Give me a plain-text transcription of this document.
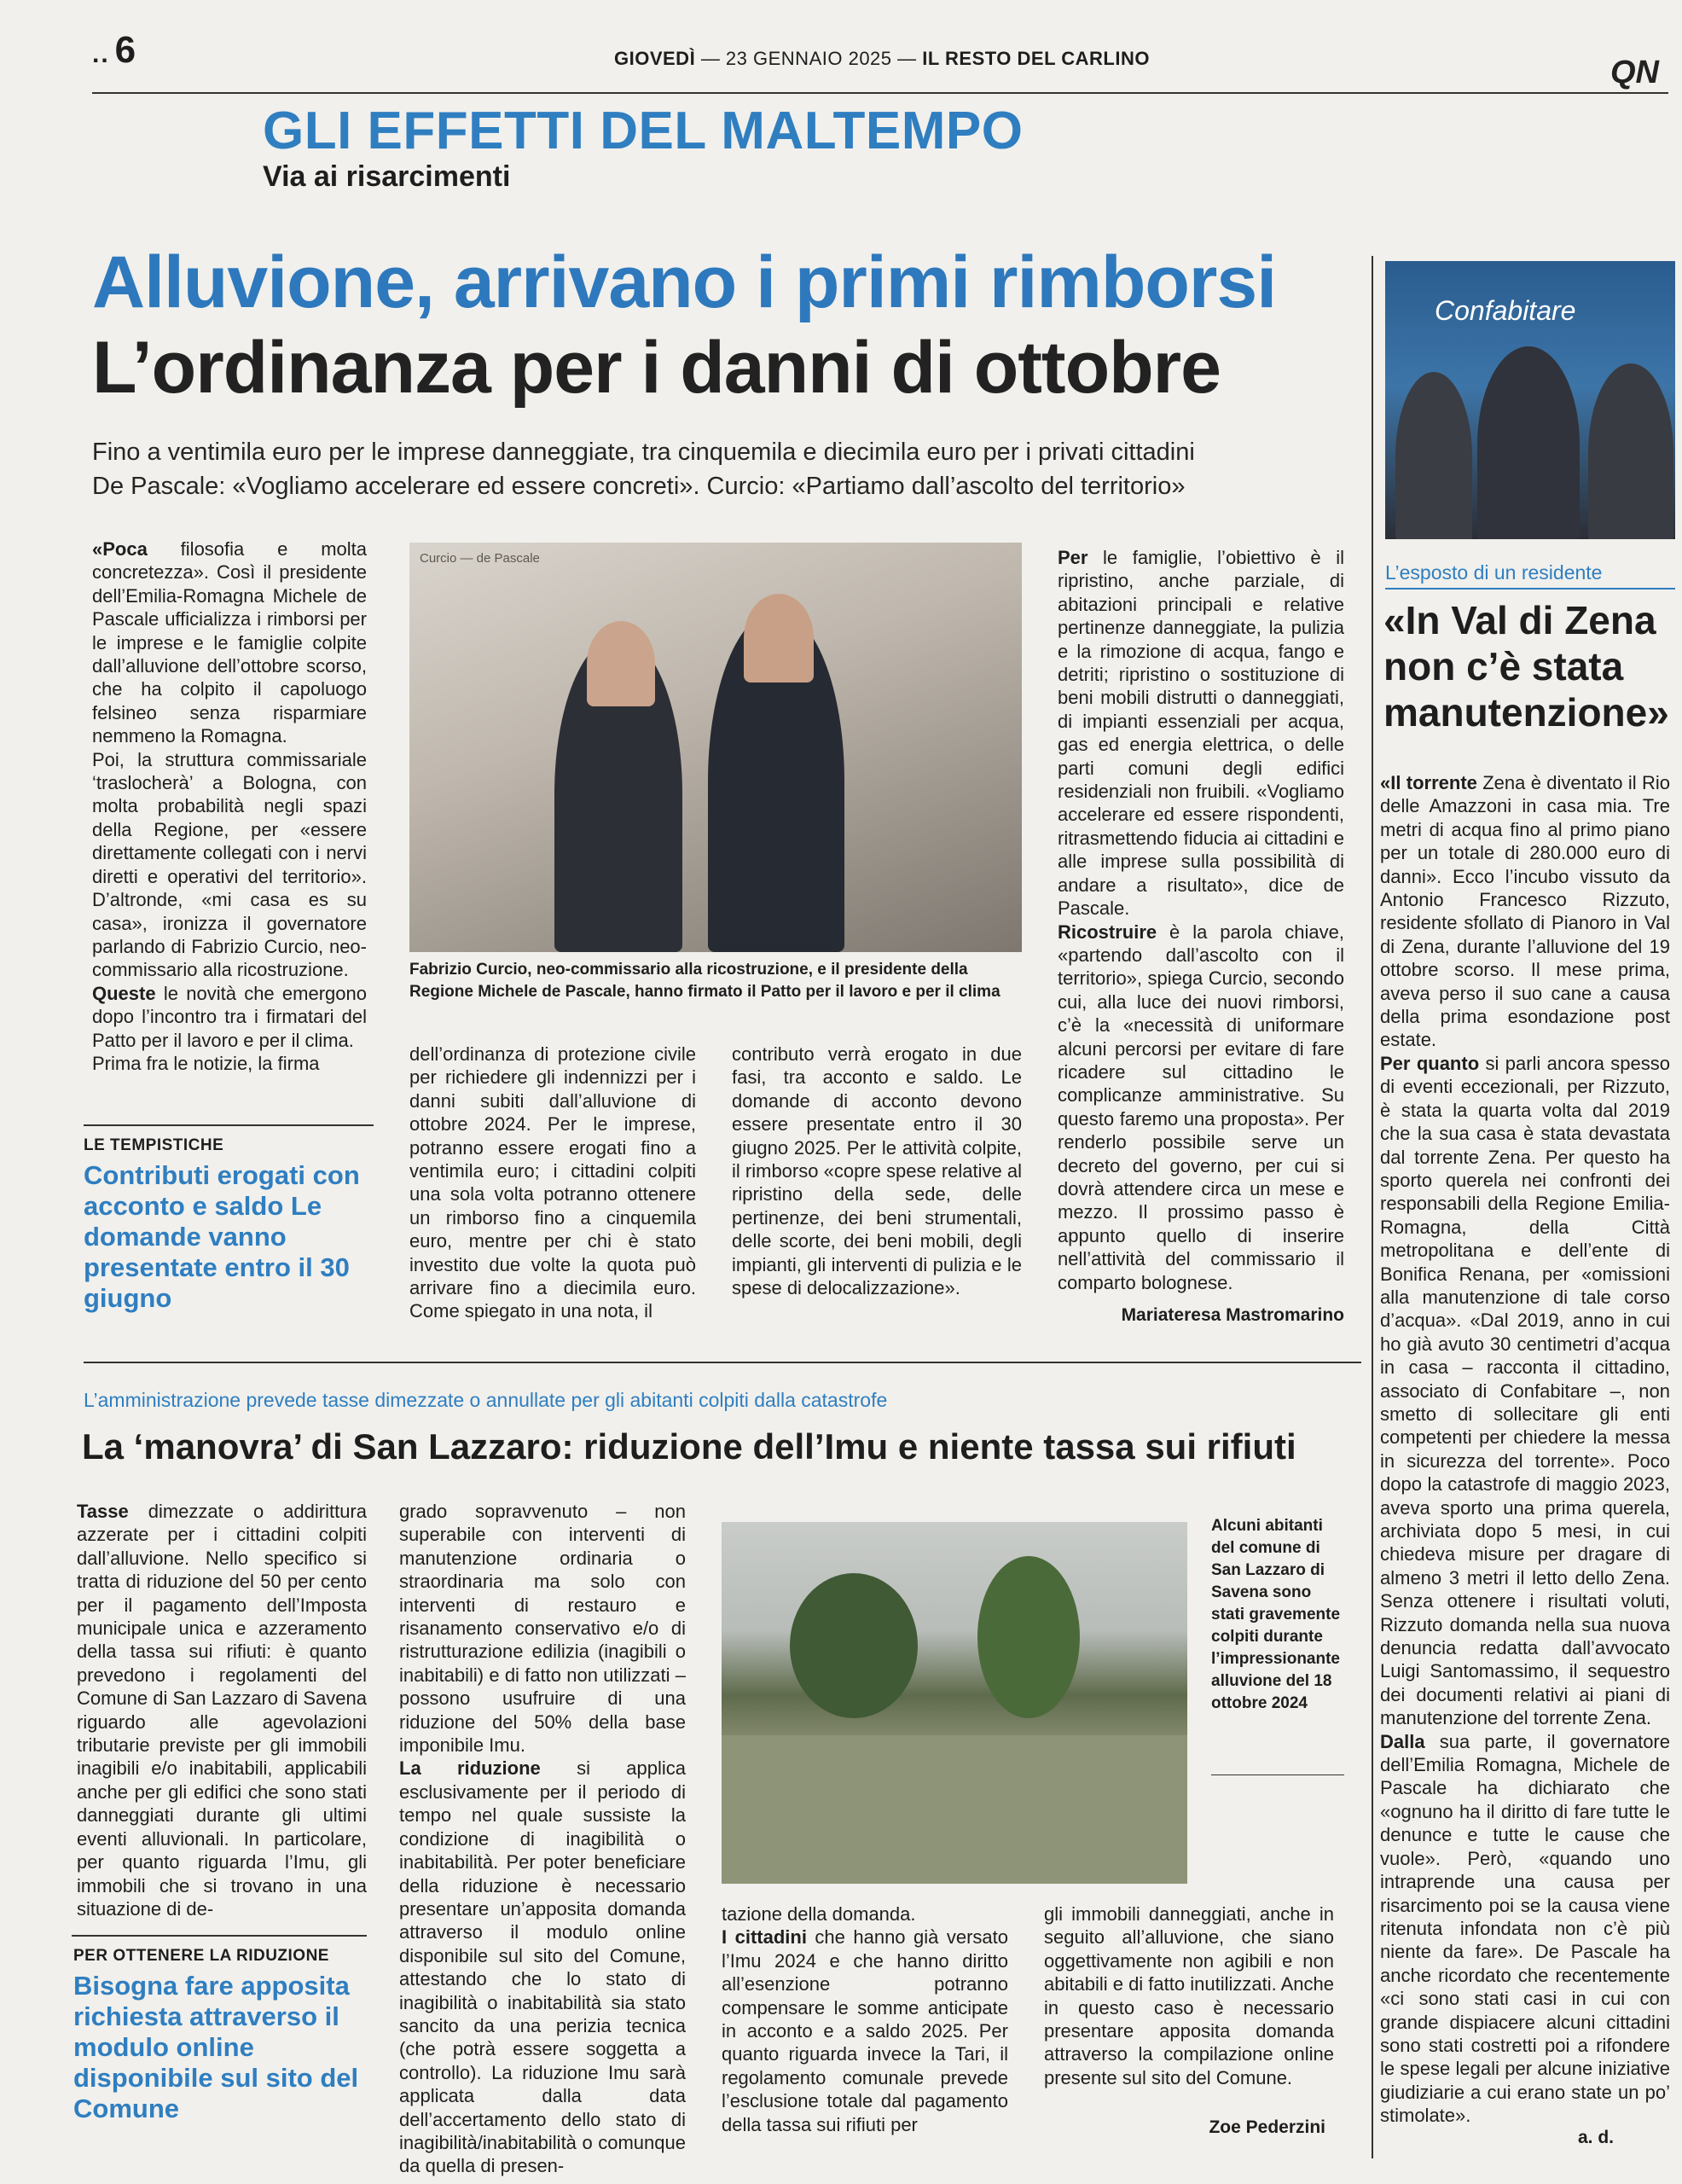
.. 6	GIOVEDÌ — 23 GENNAIO 2025 — IL RESTO DEL CARLINO	QN
GLI EFFETTI DEL MALTEMPO
Via ai risarcimenti
Alluvione, arrivano i primi rimborsi
L’ordinanza per i danni di ottobre
Fino a ventimila euro per le imprese danneggiate, tra cinquemila e diecimila euro per i privati cittadini
De Pascale: «Vogliamo accelerare ed essere concreti». Curcio: «Partiamo dall’ascolto del territorio»

«Poca filosofia e molta concretezza». Così il presidente dell’Emilia-Romagna Michele de Pascale ufficializza i rimborsi per le imprese e le famiglie colpite dall’alluvione dell’ottobre scorso, che ha colpito il capoluogo felsineo senza risparmiare nemmeno la Romagna.

Poi, la struttura commissariale ‘traslocherà’ a Bologna, con molta probabilità negli spazi della Regione, per «essere direttamente collegati con i nervi diretti e operativi del territorio». D’altronde, «mi casa es su casa», ironizza il governatore parlando di Fabrizio Curcio, neo-commissario alla ricostruzione.

Queste le novità che emergono dopo l’incontro tra i firmatari del Patto per il lavoro e per il clima.

Prima fra le notizie, la firma

LE TEMPISTICHE
Contributi erogati con acconto e saldo Le domande vanno presentate entro il 30 giugno
Curcio — de Pascale
Fabrizio Curcio, neo-commissario alla ricostruzione, e il presidente della Regione Michele de Pascale, hanno firmato il Patto per il lavoro e per il clima
dell’ordinanza di protezione civile per richiedere gli indennizzi per i danni subiti dall’alluvione di ottobre 2024. Per le imprese, potranno essere erogati fino a ventimila euro; i cittadini colpiti una sola volta potranno ottenere un rimborso fino a cinquemila euro, mentre per chi è stato investito due volte la quota può arrivare fino a diecimila euro. Come spiegato in una nota, il
contributo verrà erogato in due fasi, tra acconto e saldo. Le domande di acconto devono essere presentate entro il 30 giugno 2025. Per le attività colpite, il rimborso «copre spese relative al ripristino della sede, delle pertinenze, dei beni strumentali, delle scorte, dei beni mobili, degli impianti, gli interventi di pulizia e le spese di delocalizzazione».

Per le famiglie, l’obiettivo è il ripristino, anche parziale, di abitazioni principali e relative pertinenze danneggiate, la pulizia e la rimozione di acqua, fango e detriti; ripristino o sostituzione di beni mobili distrutti o danneggiati, di impianti essenziali per acqua, gas ed energia elettrica, o delle parti comuni degli edifici residenziali non fruibili. «Vogliamo accelerare ed essere rispondenti, ritrasmettendo fiducia ai cittadini e alle imprese sulla possibilità di andare a risultato», dice de Pascale.

Ricostruire è la parola chiave, «partendo dall’ascolto con il territorio», spiega Curcio, secondo cui, alla luce dei nuovi rimborsi, c’è la «necessità di uniformare alcuni percorsi per evitare di fare ricadere sul cittadino le complicanze amministrative. Su questo faremo una proposta». Per renderlo possibile serve un decreto del governo, per cui si dovrà attendere circa un mese e mezzo. Il prossimo passo è appunto quello di inserire nell’attività del commissario il comparto bolognese.

Mariateresa Mastromarino
Confabitare
L’esposto di un residente
«In Val di Zena non c’è stata manutenzione»

«Il torrente Zena è diventato il Rio delle Amazzoni in casa mia. Tre metri di acqua fino al primo piano per un totale di 280.000 euro di danni». Ecco l’incubo vissuto da Antonio Francesco Rizzuto, residente sfollato di Pianoro in Val di Zena, durante l’alluvione del 19 ottobre scorso. Il mese prima, aveva perso il suo cane a causa della prima esondazione post estate.

Per quanto si parli ancora spesso di eventi eccezionali, per Rizzuto, è stata la quarta volta dal 2019 che la sua casa è stata devastata dal torrente Zena. Per questo ha sporto querela nei confronti dei responsabili della Regione Emilia-Romagna, della Città metropolitana e dell’ente di Bonifica Renana, per «omissioni alla manutenzione di tale corso d’acqua». «Dal 2019, anno in cui ho già avuto 30 centimetri d’acqua in casa – racconta il cittadino, associato di Confabitare –, non smetto di sollecitare gli enti competenti per chiedere la messa in sicurezza del torrente». Poco dopo la catastrofe di maggio 2023, aveva sporto una prima querela, archiviata dopo 5 mesi, in cui chiedeva misure per dragare di almeno 3 metri il letto dello Zena. Senza ottenere i risultati voluti, Rizzuto domanda nella sua nuova denuncia redatta dall’avvocato Luigi Santomassimo, il sequestro dei documenti relativi ai piani di manutenzione del torrente Zena.

Dalla sua parte, il governatore dell’Emilia Romagna, Michele de Pascale ha dichiarato che «ognuno ha il diritto di fare tutte le denunce e tutte le cause che vuole». Però, «quando uno intraprende una causa per risarcimento poi se la causa viene ritenuta infondata non c’è più niente da fare». De Pascale ha anche ricordato che recentemente «ci sono stati casi in cui con grande dispiacere alcuni cittadini sono stati costretti poi a rifondere le spese legali per alcune iniziative giudiziarie a cui erano state un po’ stimolate».

a. d.
L’amministrazione prevede tasse dimezzate o annullate per gli abitanti colpiti dalla catastrofe
La ‘manovra’ di San Lazzaro: riduzione dell’Imu e niente tassa sui rifiuti

Tasse dimezzate o addirittura azzerate per i cittadini colpiti dall’alluvione. Nello specifico si tratta di riduzione del 50 per cento per il pagamento dell’Imposta municipale unica e azzeramento della tassa sui rifiuti: è quanto prevedono i regolamenti del Comune di San Lazzaro di Savena riguardo alle agevolazioni tributarie previste per gli immobili inagibili e/o inabitabili, applicabili anche per gli edifici che sono stati danneggiati durante gli ultimi eventi alluvionali. In particolare, per quanto riguarda l’Imu, gli immobili che si trovano in una situazione di de-

PER OTTENERE LA RIDUZIONE
Bisogna fare apposita richiesta attraverso il modulo online disponibile sul sito del Comune

grado sopravvenuto – non superabile con interventi di manutenzione ordinaria o straordinaria ma solo con interventi di restauro e risanamento conservativo e/o di ristrutturazione edilizia (inagibili o inabitabili) e di fatto non utilizzati – possono usufruire di una riduzione del 50% della base imponibile Imu.

La riduzione si applica esclusivamente per il periodo di tempo nel quale sussiste la condizione di inagibilità o inabitabilità. Per poter beneficiare della riduzione è necessario presentare un’apposita domanda attraverso il modulo online disponibile sul sito del Comune, attestando che lo stato di inagibilità o inabitabilità sia stato sancito da una perizia tecnica (che potrà essere soggetta a controllo). La riduzione Imu sarà applicata dalla data dell’accertamento dello stato di inagibilità/inabitabilità o comunque da quella di presen-

Alcuni abitanti del comune di San Lazzaro di Savena sono stati gravemente colpiti durante l’impressionante alluvione del 18 ottobre 2024

tazione della domanda.

I cittadini che hanno già versato l’Imu 2024 e che hanno diritto all’esenzione potranno compensare le somme anticipate in acconto e a saldo 2025. Per quanto riguarda invece la Tari, il regolamento comunale prevede l’esclusione totale dal pagamento della tassa sui rifiuti per

gli immobili danneggiati, anche in seguito all’alluvione, che siano oggettivamente non agibili e non abitabili e di fatto inutilizzati. Anche in questo caso è necessario presentare apposita domanda attraverso la compilazione online presente sul sito del Comune.
Zoe Pederzini
